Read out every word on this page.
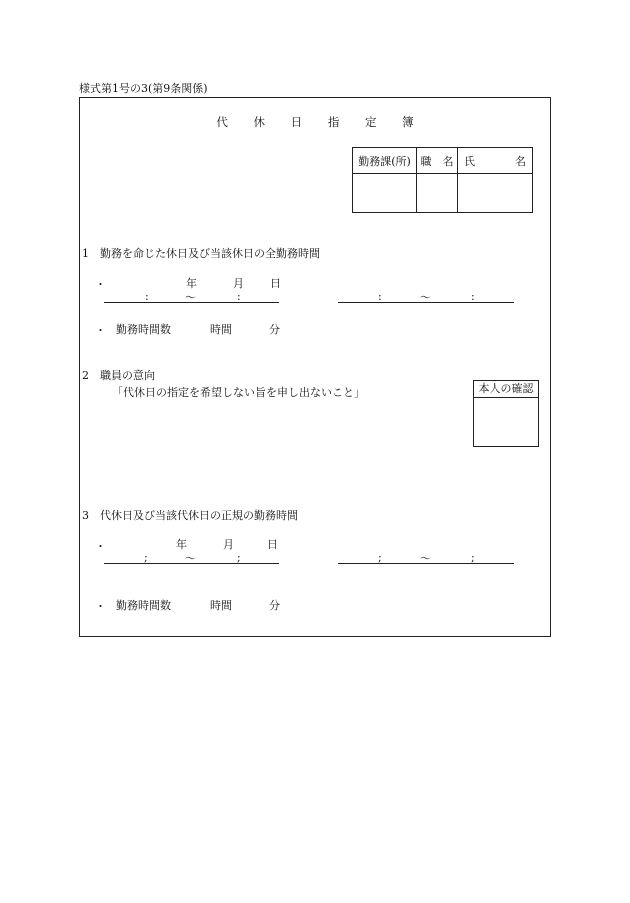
様式第1号の3(第9条関係)
代 休 日 指 定 簿
勤務課(所)	職　名	氏 名

1　勤務を命じた休日及び当該休日の全勤務時間
・	年	月 日
:	〜	:	:	〜	:
・ 勤務時間数	時間	分
2　職員の意向
「代休日の指定を希望しない旨を申し出ないこと」	本人の確認
3　代休日及び当該代休日の正規の勤務時間
・	年	月	日
;	〜	;	;	〜	;
・ 勤務時間数	時間	分
